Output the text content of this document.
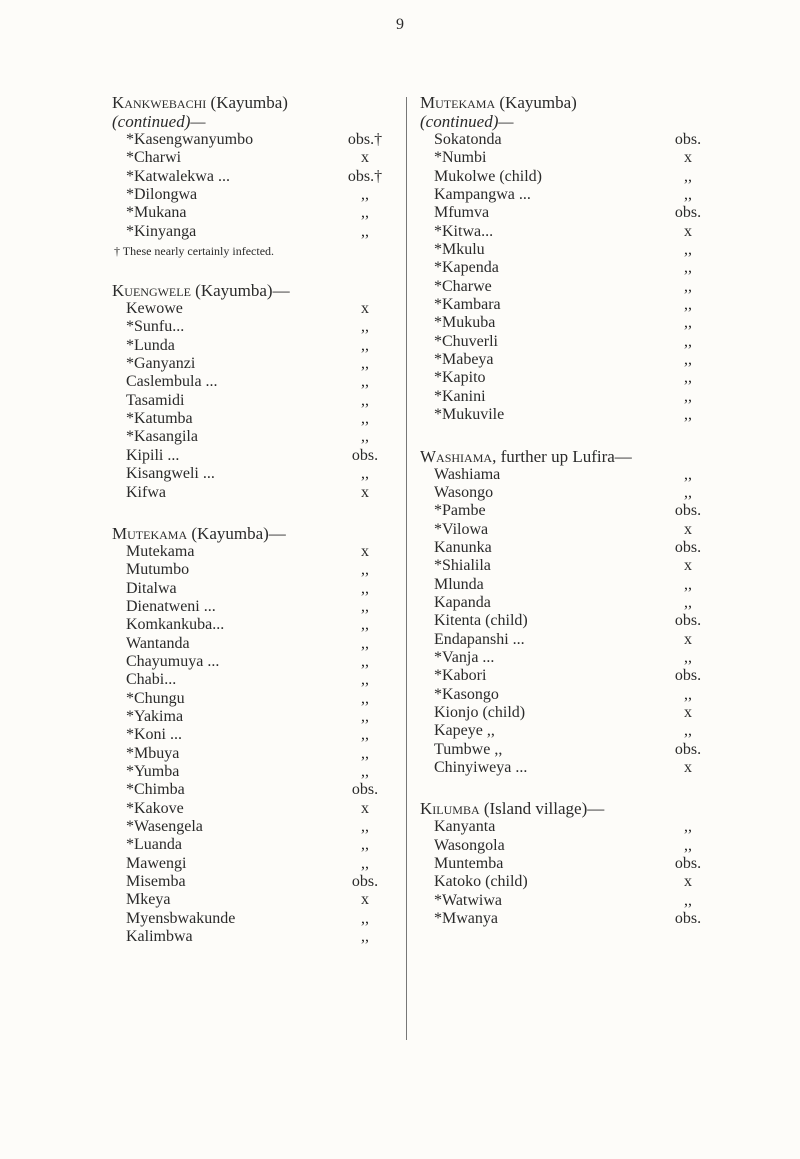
9
Kankwebachi (Kayumba)
(continued)—
*Kasengwanyumbo	obs.†
*Charwi	x
*Katwalekwa ...	obs.†
*Dilongwa	,,
*Mukana	,,
*Kinyanga	,,
† These nearly certainly infected.
Kuengwele (Kayumba)—
Kewowe	x
*Sunfu...	,,
*Lunda	,,
*Ganyanzi	,,
Caslembula ...	,,
Tasamidi	,,
*Katumba	,,
*Kasangila	,,
Kipili ...	obs.
Kisangweli ...	,,
Kifwa	x
Mutekama (Kayumba)—
Mutekama	x
Mutumbo	,,
Ditalwa	,,
Dienatweni ...	,,
Komkankuba...	,,
Wantanda	,,
Chayumuya ...	,,
Chabi...	,,
*Chungu	,,
*Yakima	,,
*Koni ...	,,
*Mbuya	,,
*Yumba	,,
*Chimba	obs.
*Kakove	x
*Wasengela	,,
*Luanda	,,
Mawengi	,,
Misemba	obs.
Mkeya	x
Myensbwakunde	,,
Kalimbwa	,,
Mutekama (Kayumba)
(continued)—
Sokatonda	obs.
*Numbi	x
Mukolwe (child)	,,
Kampangwa ...	,,
Mfumva	obs.
*Kitwa...	x
*Mkulu	,,
*Kapenda	,,
*Charwe	,,
*Kambara	,,
*Mukuba	,,
*Chuverli	,,
*Mabeya	,,
*Kapito	,,
*Kanini	,,
*Mukuvile	,,
Washiama, further up Lufira—
Washiama	,,
Wasongo	,,
*Pambe	obs.
*Vilowa	x
Kanunka	obs.
*Shialila	x
Mlunda	,,
Kapanda	,,
Kitenta (child)	obs.
Endapanshi ...	x
*Vanja ...	,,
*Kabori	obs.
*Kasongo	,,
Kionjo (child)	x
Kapeye ,,	,,
Tumbwe ,,	obs.
Chinyiweya ...	x
Kilumba (Island village)—
Kanyanta	,,
Wasongola	,,
Muntemba	obs.
Katoko (child)	x
*Watwiwa	,,
*Mwanya	obs.
